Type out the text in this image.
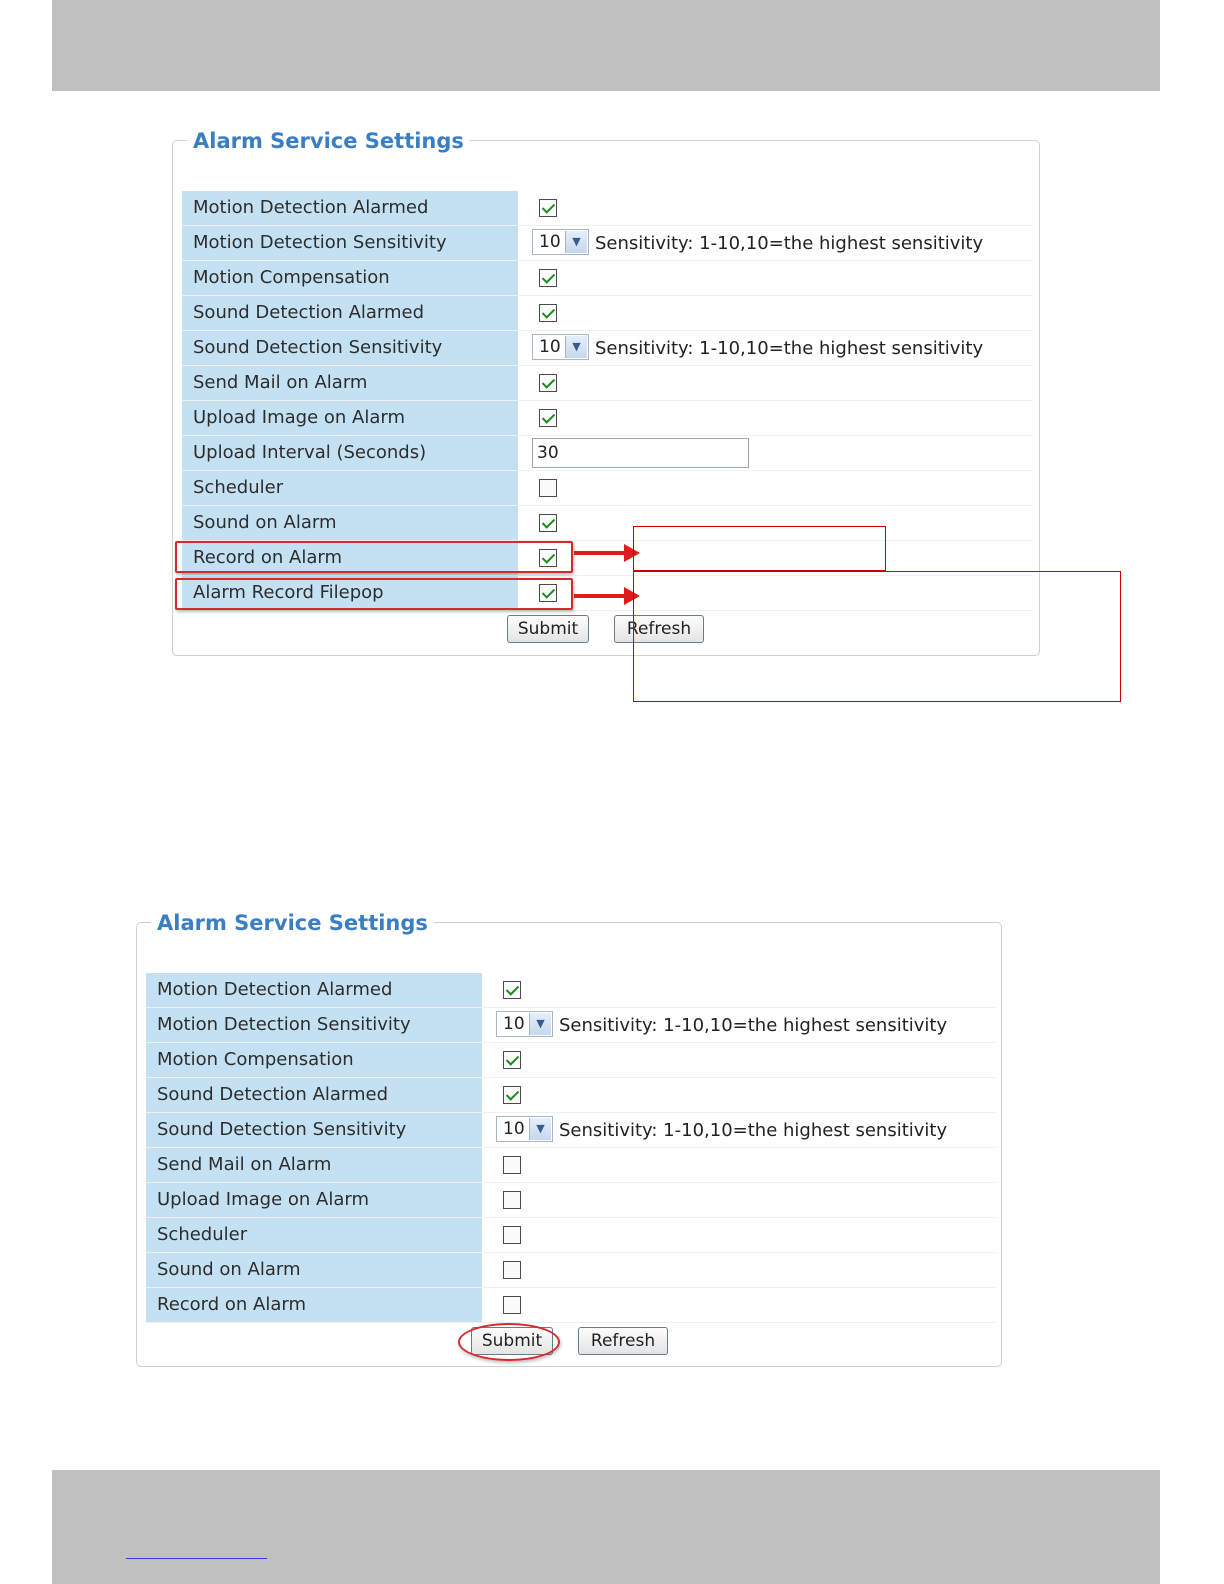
Alarm Service Settings
Motion Detection Alarmed
Motion Detection Sensitivity	10	▼ Sensitivity: 1-10,10=the highest sensitivity
Motion Compensation
Sound Detection Alarmed
Sound Detection Sensitivity	10	▼ Sensitivity: 1-10,10=the highest sensitivity
Send Mail on Alarm
Upload Image on Alarm
Upload Interval (Seconds)	30
Scheduler
Sound on Alarm
Record on Alarm
Alarm Record Filepop
Submit	Refresh
Alarm Service Settings
Motion Detection Alarmed
Motion Detection Sensitivity	10	▼ Sensitivity: 1-10,10=the highest sensitivity
Motion Compensation
Sound Detection Alarmed
Sound Detection Sensitivity	10	▼ Sensitivity: 1-10,10=the highest sensitivity
Send Mail on Alarm
Upload Image on Alarm
Scheduler
Sound on Alarm
Record on Alarm
Submit	Refresh
